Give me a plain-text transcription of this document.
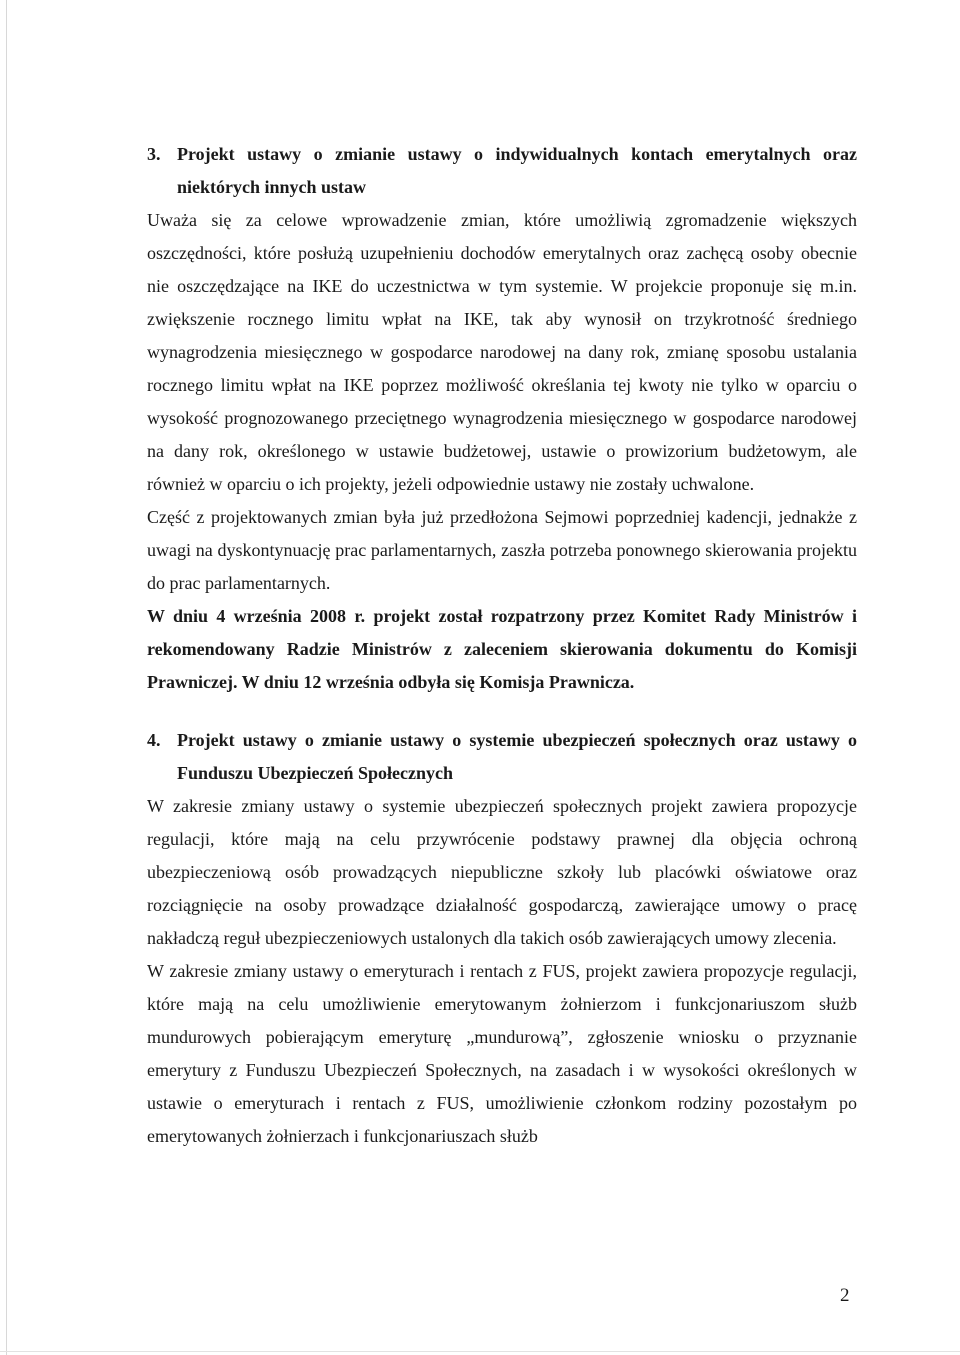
3. Projekt ustawy o zmianie ustawy o indywidualnych kontach emerytalnych oraz niektórych innych ustaw

Uważa się za celowe wprowadzenie zmian, które umożliwią zgromadzenie większych oszczędności, które posłużą uzupełnieniu dochodów emerytalnych oraz zachęcą osoby obecnie nie oszczędzające na IKE do uczestnictwa w tym systemie. W projekcie proponuje się m.in. zwiększenie rocznego limitu wpłat na IKE, tak aby wynosił on trzykrotność średniego wynagrodzenia miesięcznego w gospodarce narodowej na dany rok, zmianę sposobu ustalania rocznego limitu wpłat na IKE poprzez możliwość określania tej kwoty nie tylko w oparciu o wysokość prognozowanego przeciętnego wynagrodzenia miesięcznego w gospodarce narodowej na dany rok, określonego w ustawie budżetowej, ustawie o prowizorium budżetowym, ale również w oparciu o ich projekty, jeżeli odpowiednie ustawy nie zostały uchwalone.

Część z projektowanych zmian była już przedłożona Sejmowi poprzedniej kadencji, jednakże z uwagi na dyskontynuację prac parlamentarnych, zaszła potrzeba ponownego skierowania projektu do prac parlamentarnych.

W dniu 4 września 2008 r. projekt został rozpatrzony przez Komitet Rady Ministrów i rekomendowany Radzie Ministrów z zaleceniem skierowania dokumentu do Komisji Prawniczej. W dniu 12 września odbyła się Komisja Prawnicza.

4. Projekt ustawy o zmianie ustawy o systemie ubezpieczeń społecznych oraz ustawy o Funduszu Ubezpieczeń Społecznych

W zakresie zmiany ustawy o systemie ubezpieczeń społecznych projekt zawiera propozycje regulacji, które mają na celu przywrócenie podstawy prawnej dla objęcia ochroną ubezpieczeniową osób prowadzących niepubliczne szkoły lub placówki oświatowe oraz rozciągnięcie na osoby prowadzące działalność gospodarczą, zawierające umowy o pracę nakładczą reguł ubezpieczeniowych ustalonych dla takich osób zawierających umowy zlecenia.

W zakresie zmiany ustawy o emeryturach i rentach z FUS, projekt zawiera propozycje regulacji, które mają na celu umożliwienie emerytowanym żołnierzom i funkcjonariuszom służb mundurowych pobierającym emeryturę „mundurową”, zgłoszenie wniosku o przyznanie emerytury z Funduszu Ubezpieczeń Społecznych, na zasadach i w wysokości określonych w ustawie o emeryturach i rentach z FUS, umożliwienie członkom rodziny pozostałym po emerytowanych żołnierzach i funkcjonariuszach służb

2
